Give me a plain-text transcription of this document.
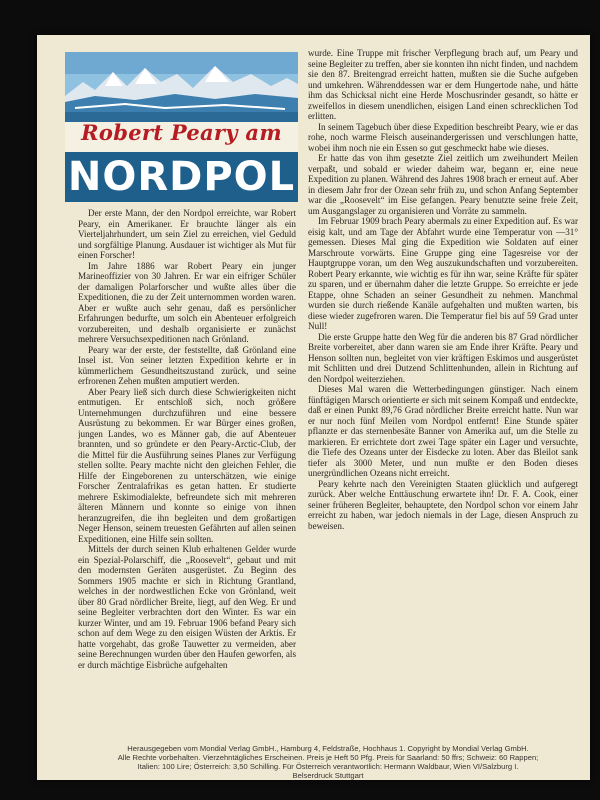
Robert Peary am
NORDPOL

Der erste Mann, der den Nordpol erreichte, war Robert Peary, ein Amerikaner. Er brauchte länger als ein Vierteljahrhundert, um sein Ziel zu erreichen, viel Geduld und sorgfältige Planung. Ausdauer ist wichtiger als Mut für einen Forscher!

Im Jahre 1886 war Robert Peary ein junger Marineoffizier von 30 Jahren. Er war ein eifriger Schüler der damaligen Polarforscher und wußte alles über die Expeditionen, die zu der Zeit unternommen worden waren. Aber er wußte auch sehr genau, daß es persönlicher Erfahrungen bedurfte, um solch ein Abenteuer erfolgreich vorzubereiten, und deshalb organisierte er zunächst mehrere Versuchsexpeditionen nach Grönland.

Peary war der erste, der feststellte, daß Grönland eine Insel ist. Von seiner letzten Expedition kehrte er in kümmerlichem Gesundheitszustand zurück, und seine erfrorenen Zehen mußten amputiert werden.

Aber Peary ließ sich durch diese Schwierigkeiten nicht entmutigen. Er entschloß sich, noch größere Unternehmungen durchzuführen und eine bessere Ausrüstung zu bekommen. Er war Bürger eines großen, jungen Landes, wo es Männer gab, die auf Abenteuer brannten, und so gründete er den Peary-Arctic-Club, der die Mittel für die Ausführung seines Planes zur Verfügung stellen sollte. Peary machte nicht den gleichen Fehler, die Hilfe der Eingeborenen zu unterschätzen, wie einige Forscher Zentralafrikas es getan hatten. Er studierte mehrere Eskimodialekte, befreundete sich mit mehreren älteren Männern und konnte so einige von ihnen heranzugreifen, die ihn begleiten und dem großartigen Neger Henson, seinem treuesten Gefährten auf allen seinen Expeditionen, eine Hilfe sein sollten.

Mittels der durch seinen Klub erhaltenen Gelder wurde ein Spezial-Polarschiff, die „Roosevelt“, gebaut und mit den modernsten Geräten ausgerüstet. Zu Beginn des Sommers 1905 machte er sich in Richtung Grantland, welches in der nordwestlichen Ecke von Grönland, weit über 80 Grad nördlicher Breite, liegt, auf den Weg. Er und seine Begleiter verbrachten dort den Winter. Es war ein kurzer Winter, und am 19. Februar 1906 befand Peary sich schon auf dem Wege zu den eisigen Wüsten der Arktis. Er hatte vorgehabt, das große Tauwetter zu vermeiden, aber seine Berechnungen wurden über den Haufen geworfen, als er durch mächtige Eisbrüche aufgehalten

wurde. Eine Truppe mit frischer Verpflegung brach auf, um Peary und seine Begleiter zu treffen, aber sie konnten ihn nicht finden, und nachdem sie den 87. Breitengrad erreicht hatten, mußten sie die Suche aufgeben und umkehren. Währenddessen war er dem Hungertode nahe, und hätte ihm das Schicksal nicht eine Herde Moschusrinder gesandt, so hätte er zweifellos in diesem unendlichen, eisigen Land einen schrecklichen Tod erlitten.

In seinem Tagebuch über diese Expedition beschreibt Peary, wie er das rohe, noch warme Fleisch auseinandergerissen und verschlungen hatte, wobei ihm noch nie ein Essen so gut geschmeckt habe wie dieses.

Er hatte das von ihm gesetzte Ziel zeitlich um zweihundert Meilen verpaßt, und sobald er wieder daheim war, begann er, eine neue Expedition zu planen. Während des Jahres 1908 brach er erneut auf. Aber in diesem Jahr fror der Ozean sehr früh zu, und schon Anfang September war die „Roosevelt“ im Eise gefangen. Peary benutzte seine freie Zeit, um Ausgangslager zu organisieren und Vorräte zu sammeln.

Im Februar 1909 brach Peary abermals zu einer Expedition auf. Es war eisig kalt, und am Tage der Abfahrt wurde eine Temperatur von —31° gemessen. Dieses Mal ging die Expedition wie Soldaten auf einer Marschroute vorwärts. Eine Gruppe ging eine Tagesreise vor der Hauptgruppe voran, um den Weg auszukundschaften und vorzubereiten. Robert Peary erkannte, wie wichtig es für ihn war, seine Kräfte für später zu sparen, und er übernahm daher die letzte Gruppe. So erreichte er jede Etappe, ohne Schaden an seiner Gesundheit zu nehmen. Manchmal wurden sie durch rießende Kanäle aufgehalten und mußten warten, bis diese wieder zugefroren waren. Die Temperatur fiel bis auf 59 Grad unter Null!

Die erste Gruppe hatte den Weg für die anderen bis 87 Grad nördlicher Breite vorbereitet, aber dann waren sie am Ende ihrer Kräfte. Peary und Henson sollten nun, begleitet von vier kräftigen Eskimos und ausgerüstet mit Schlitten und drei Dutzend Schlittenhunden, allein in Richtung auf den Nordpol weiterziehen.

Dieses Mal waren die Wetterbedingungen günstiger. Nach einem fünftägigen Marsch orientierte er sich mit seinem Kompaß und entdeckte, daß er einen Punkt 89,76 Grad nördlicher Breite erreicht hatte. Nun war er nur noch fünf Meilen vom Nordpol entfernt! Eine Stunde später pflanzte er das sternenbesäte Banner von Amerika auf, um die Stelle zu markieren. Er errichtete dort zwei Tage später ein Lager und versuchte, die Tiefe des Ozeans unter der Eisdecke zu loten. Aber das Bleilot sank tiefer als 3000 Meter, und nun mußte er den Boden dieses unergründlichen Ozeans nicht erreicht.

Peary kehrte nach den Vereinigten Staaten glücklich und aufgeregt zurück. Aber welche Enttäuschung erwartete ihn! Dr. F. A. Cook, einer seiner früheren Begleiter, behauptete, den Nordpol schon vor einem Jahr erreicht zu haben, war jedoch niemals in der Lage, diesen Anspruch zu beweisen.

Herausgegeben vom Mondial Verlag GmbH., Hamburg 4, Feldstraße, Hochhaus 1. Copyright by Mondial Verlag GmbH.
Alle Rechte vorbehalten. Vierzehntägliches Erscheinen. Preis je Heft 50 Pfg. Preis für Saarland: 50 ffrs; Schweiz: 60 Rappen;
Italien: 100 Lire; Österreich: 3,50 Schilling. Für Österreich verantwortlich: Hermann Waldbaur, Wien VI/Salzburg I.
Belserdruck Stuttgart
